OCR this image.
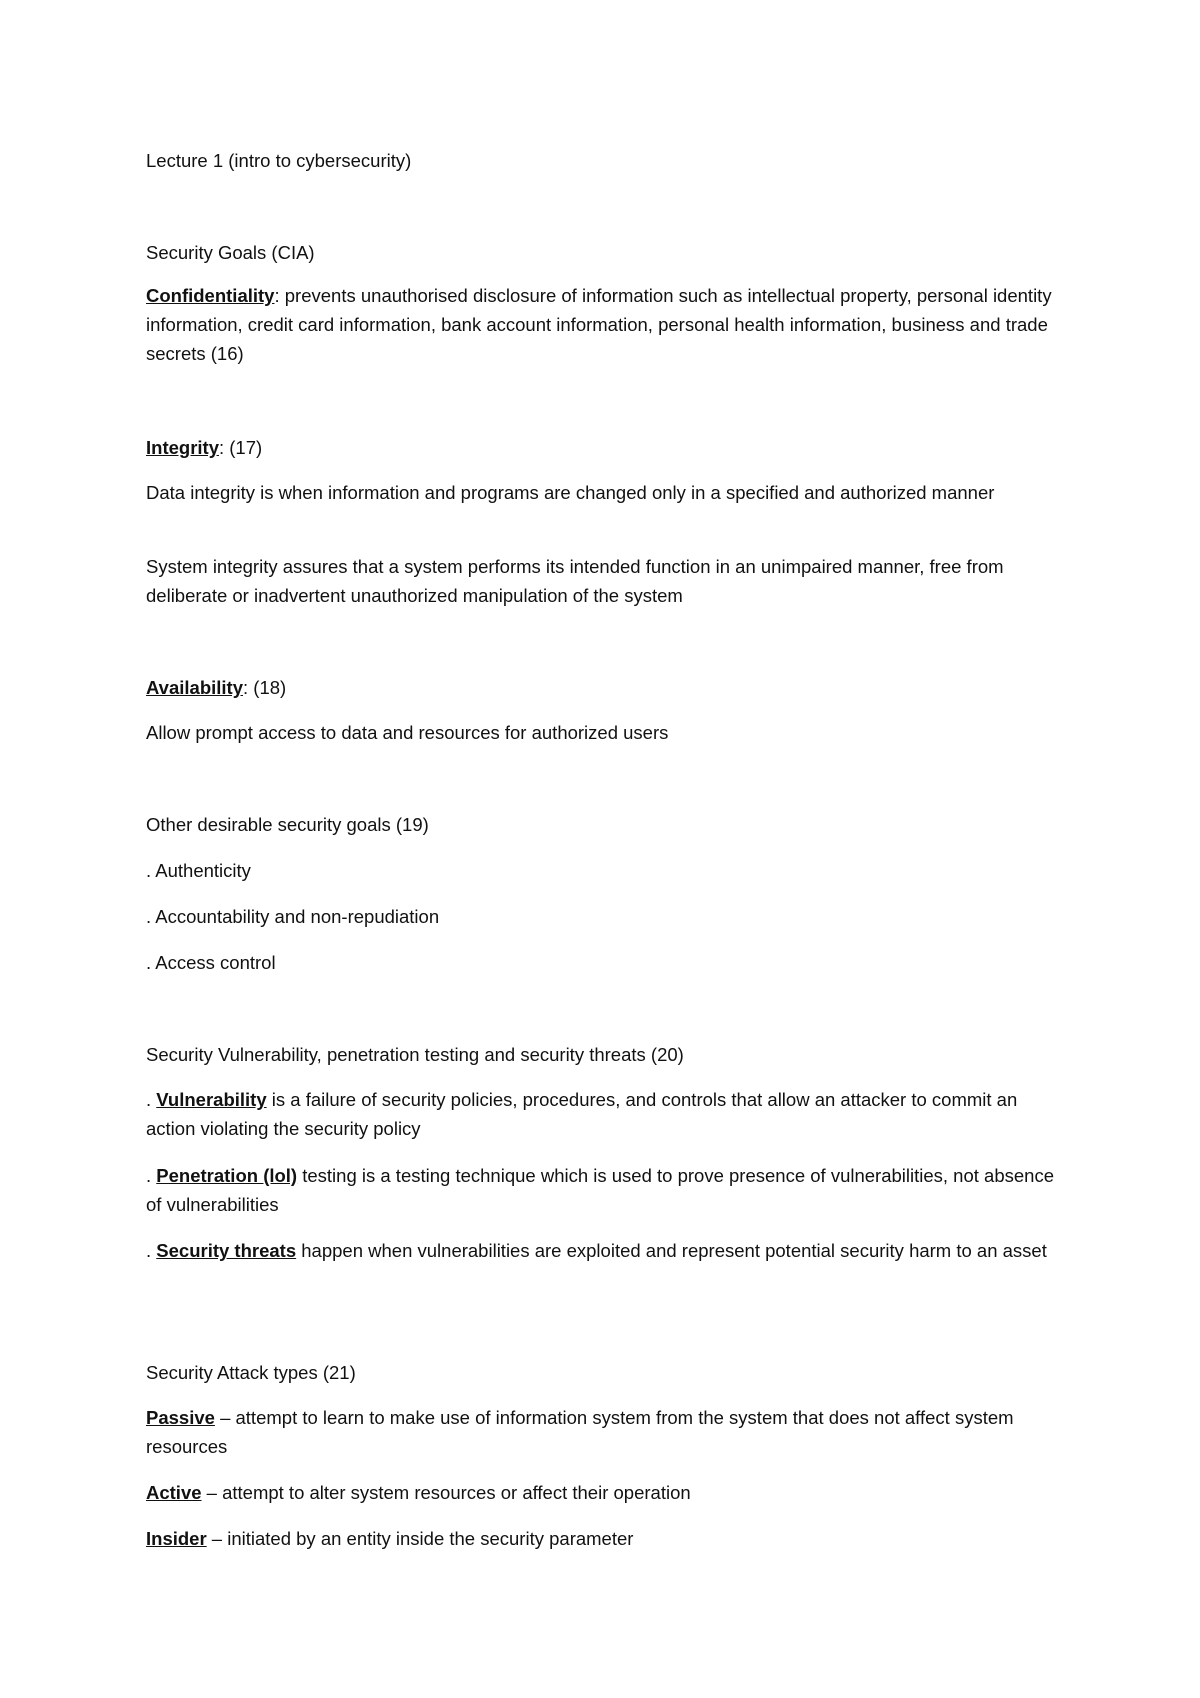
Lecture 1 (intro to cybersecurity)
Security Goals (CIA)
Confidentiality: prevents unauthorised disclosure of information such as intellectual property, personal identity information, credit card information, bank account information, personal health information, business and trade secrets (16)
Integrity: (17)
Data integrity is when information and programs are changed only in a specified and authorized manner
System integrity assures that a system performs its intended function in an unimpaired manner, free from deliberate or inadvertent unauthorized manipulation of the system
Availability: (18)
Allow prompt access to data and resources for authorized users
Other desirable security goals (19)
. Authenticity
. Accountability and non-repudiation
. Access control
Security Vulnerability, penetration testing and security threats (20)
. Vulnerability is a failure of security policies, procedures, and controls that allow an attacker to commit an action violating the security policy
. Penetration (lol) testing is a testing technique which is used to prove presence of vulnerabilities, not absence of vulnerabilities
. Security threats happen when vulnerabilities are exploited and represent potential security harm to an asset
Security Attack types (21)
Passive – attempt to learn to make use of information system from the system that does not affect system resources
Active – attempt to alter system resources or affect their operation
Insider – initiated by an entity inside the security parameter
